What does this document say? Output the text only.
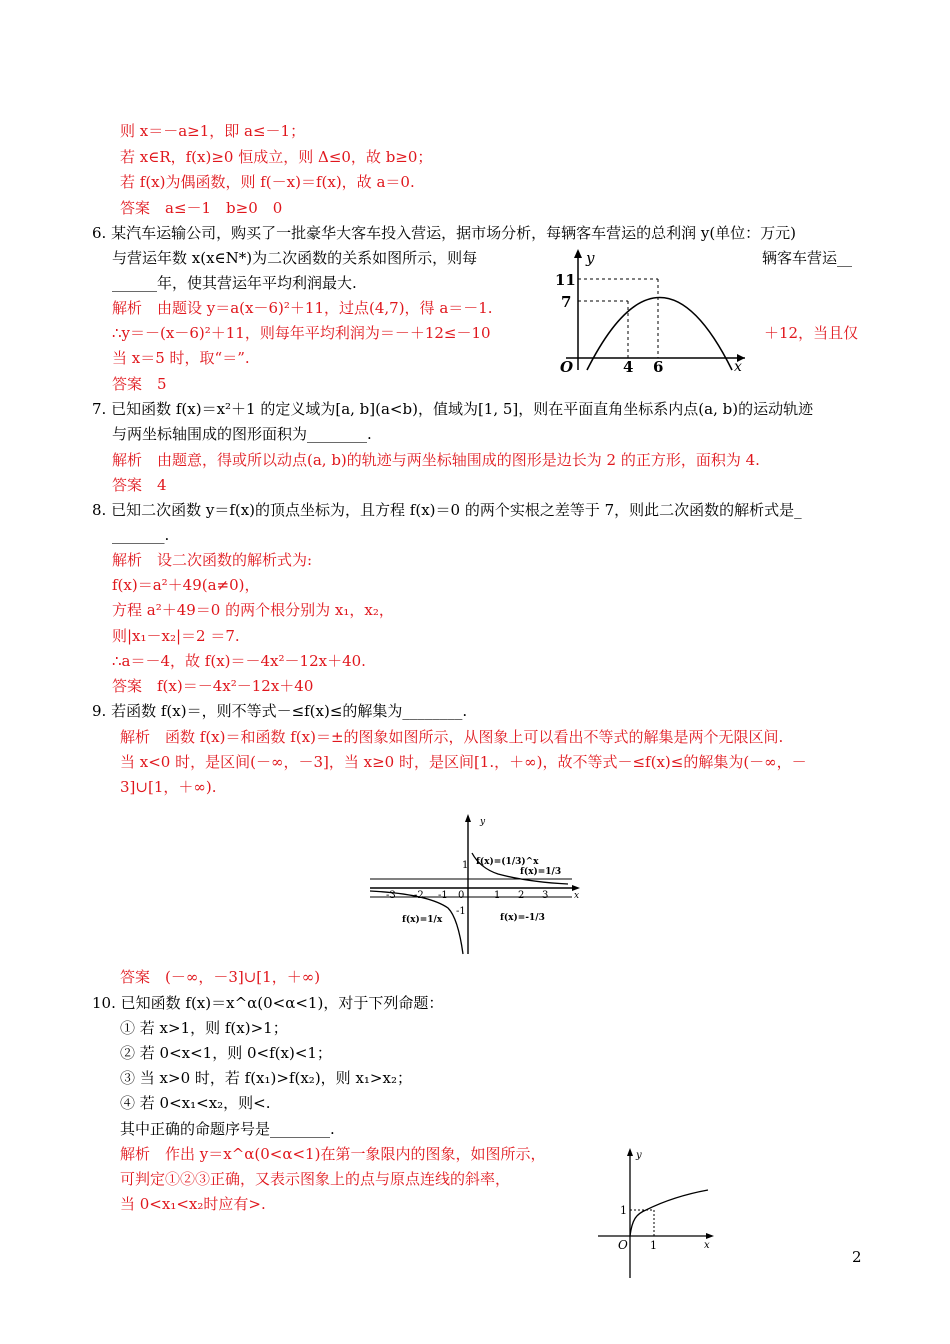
则 x＝－a≥1，即 a≤－1；
若 x∈R，f(x)≥0 恒成立，则 Δ≤0，故 b≥0；
若 f(x)为偶函数，则 f(－x)＝f(x)，故 a＝0.
答案　a≤－1　b≥0　0
6. 某汽车运输公司，购买了一批豪华大客车投入营运，据市场分析，每辆客车营运的总利润 y(单位：万元)
与营运年数 x(x∈N*)为二次函数的关系如图所示，则每	辆客车营运__
______年，使其营运年平均利润最大.
解析　由题设 y＝a(x－6)²＋11，过点(4,7)，得 a＝－1.
∴y＝－(x－6)²＋11，则每年平均利润为＝－＋12≤－10	＋12，当且仅
当 x＝5 时，取“＝”.
答案　5
7. 已知函数 f(x)＝x²＋1 的定义域为[a, b](a<b)，值域为[1, 5]，则在平面直角坐标系内点(a, b)的运动轨迹
与两坐标轴围成的图形面积为________.
解析　由题意，得或所以动点(a, b)的轨迹与两坐标轴围成的图形是边长为 2 的正方形，面积为 4.
答案　4
8. 已知二次函数 y＝f(x)的顶点坐标为，且方程 f(x)＝0 的两个实根之差等于 7，则此二次函数的解析式是_
_______.
解析　设二次函数的解析式为:
f(x)＝a²＋49(a≠0)，
方程 a²＋49＝0 的两个根分别为 x₁，x₂，
则|x₁－x₂|＝2 ＝7.
∴a＝－4，故 f(x)＝－4x²－12x＋40.
答案　f(x)＝－4x²－12x＋40
9. 若函数 f(x)＝，则不等式－≤f(x)≤的解集为________.
解析　函数 f(x)＝和函数 f(x)＝±的图象如图所示，从图象上可以看出不等式的解集是两个无限区间.
当 x<0 时，是区间(－∞，－3]，当 x≥0 时，是区间[1.，＋∞)，故不等式－≤f(x)≤的解集为(－∞，－
3]∪[1，＋∞).
答案　(－∞，－3]∪[1，＋∞)
10. 已知函数 f(x)＝x^α(0<α<1)，对于下列命题：
① 若 x>1，则 f(x)>1；
② 若 0<x<1，则 0<f(x)<1；
③ 当 x>0 时，若 f(x₁)>f(x₂)，则 x₁>x₂；
④ 若 0<x₁<x₂，则<.
其中正确的命题序号是________.
解析　作出 y＝x^α(0<α<1)在第一象限内的图象，如图所示，
可判定①②③正确，又表示图象上的点与原点连线的斜率，
当 0<x₁<x₂时应有>.
y
x
O
11
7
4 6
y
x
-3 -2 -1 0	1 2 3
1
-1
f(x)=(1/3)^x
f(x)=1/3
f(x)=1/x	f(x)=-1/3
y
x
O
1
1
2
